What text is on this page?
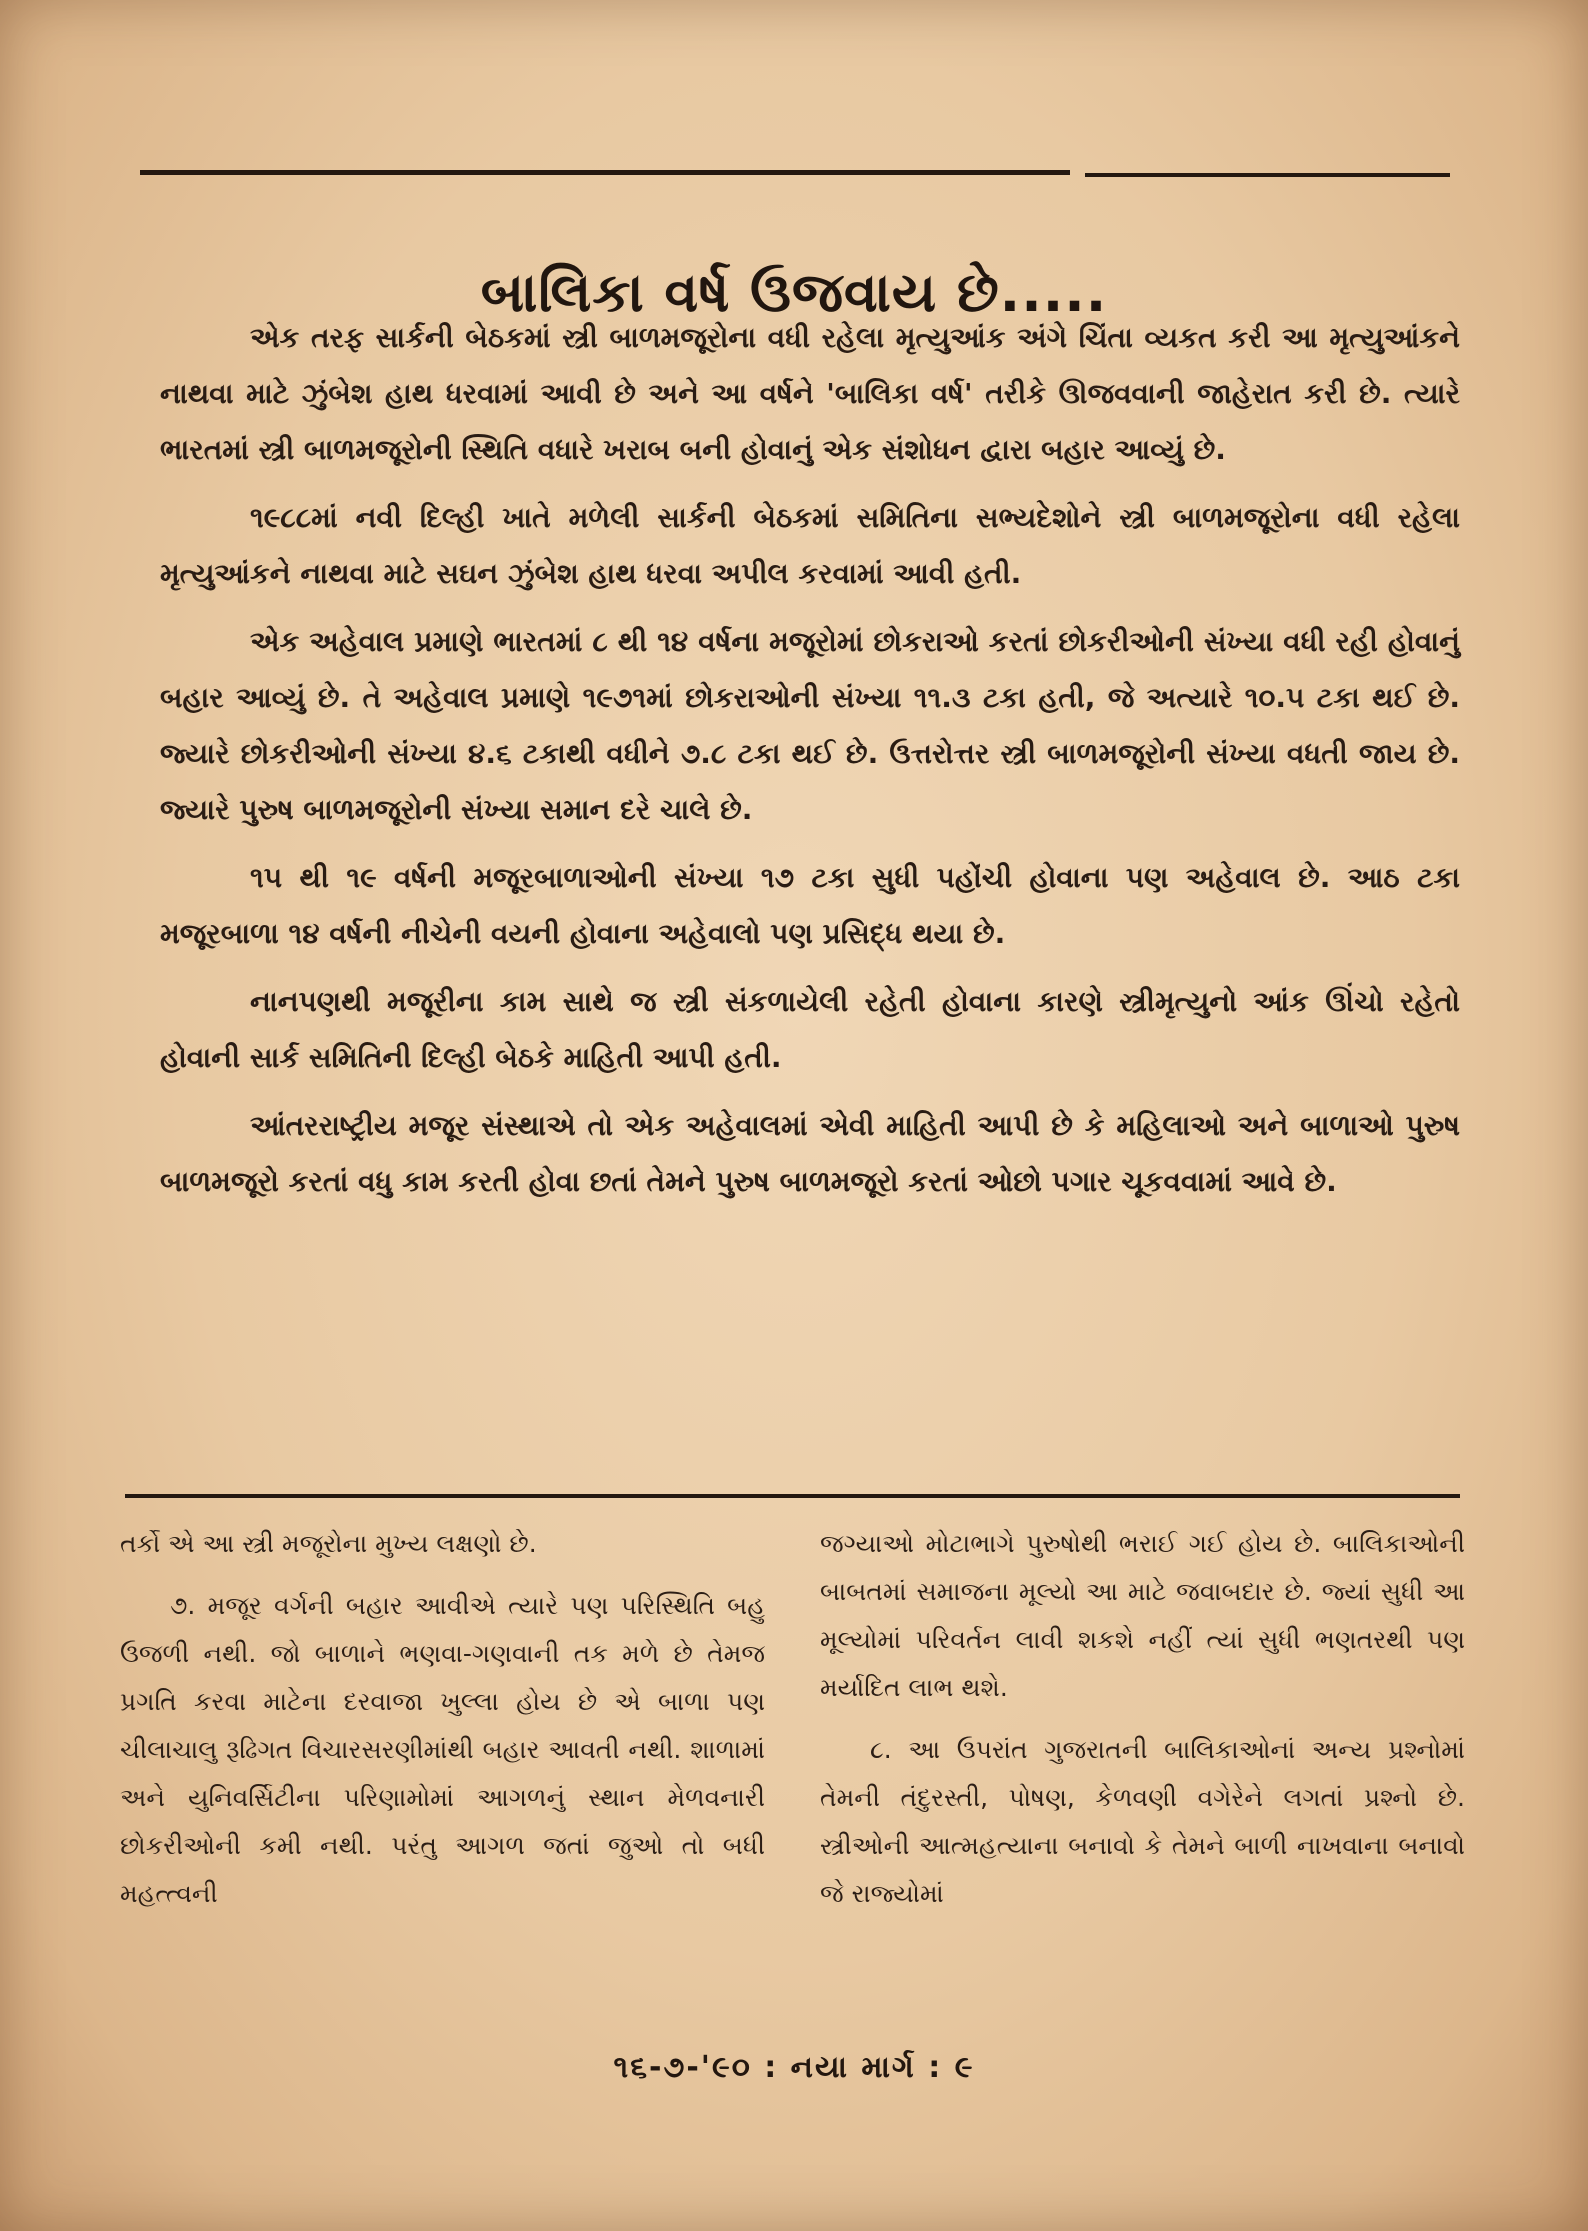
બાલિકા વર્ષ ઉજવાય છે.....

એક તરફ સાર્કની બેઠકમાં સ્ત્રી બાળમજૂરોના વધી રહેલા મૃત્યુઆંક અંગે ચિંતા વ્યકત કરી આ મૃત્યુઆંકને નાથવા માટે ઝુંબેશ હાથ ધરવામાં આવી છે અને આ વર્ષને 'બાલિકા વર્ષ' તરીકે ઊજવવાની જાહેરાત કરી છે. ત્યારે ભારતમાં સ્ત્રી બાળમજૂરોની સ્થિતિ વધારે ખરાબ બની હોવાનું એક સંશોધન દ્વારા બહાર આવ્યું છે.

૧૯૮૮માં નવી દિલ્હી ખાતે મળેલી સાર્કની બેઠકમાં સમિતિના સભ્યદેશોને સ્ત્રી બાળમજૂરોના વધી રહેલા મૃત્યુઆંકને નાથવા માટે સઘન ઝુંબેશ હાથ ધરવા અપીલ કરવામાં આવી હતી.

એક અહેવાલ પ્રમાણે ભારતમાં ૮ થી ૧૪ વર્ષના મજૂરોમાં છોકરાઓ કરતાં છોકરીઓની સંખ્યા વધી રહી હોવાનું બહાર આવ્યું છે. તે અહેવાલ પ્રમાણે ૧૯૭૧માં છોકરાઓની સંખ્યા ૧૧.૩ ટકા હતી, જે અત્યારે ૧૦.૫ ટકા થઈ છે. જ્યારે છોકરીઓની સંખ્યા ૪.૬ ટકાથી વધીને ૭.૮ ટકા થઈ છે. ઉત્તરોત્તર સ્ત્રી બાળમજૂરોની સંખ્યા વધતી જાય છે. જ્યારે પુરુષ બાળમજૂરોની સંખ્યા સમાન દરે ચાલે છે.

૧૫ થી ૧૯ વર્ષની મજૂરબાળાઓની સંખ્યા ૧૭ ટકા સુધી પહોંચી હોવાના પણ અહેવાલ છે. આઠ ટકા મજૂરબાળા ૧૪ વર્ષની નીચેની વયની હોવાના અહેવાલો પણ પ્રસિદ્ધ થયા છે.

નાનપણથી મજૂરીના કામ સાથે જ સ્ત્રી સંકળાયેલી રહેતી હોવાના કારણે સ્ત્રીમૃત્યુનો આંક ઊંચો રહેતો હોવાની સાર્ક સમિતિની દિલ્હી બેઠકે માહિતી આપી હતી.

આંતરરાષ્ટ્રીય મજૂર સંસ્થાએ તો એક અહેવાલમાં એવી માહિતી આપી છે કે મહિલાઓ અને બાળાઓ પુરુષ બાળમજૂરો કરતાં વધુ કામ કરતી હોવા છતાં તેમને પુરુષ બાળમજૂરો કરતાં ઓછો પગાર ચૂકવવામાં આવે છે.

તર્કો એ આ સ્ત્રી મજૂરોના મુખ્ય લક્ષણો છે.

૭. મજૂર વર્ગની બહાર આવીએ ત્યારે પણ પરિસ્થિતિ બહુ ઉજળી નથી. જો બાળાને ભણવા-ગણવાની તક મળે છે તેમજ પ્રગતિ કરવા માટેના દરવાજા ખુલ્લા હોય છે એ બાળા પણ ચીલાચાલુ રૂઢિગત વિચારસરણીમાંથી બહાર આવતી નથી. શાળામાં અને યુનિવર્સિટીના પરિણામોમાં આગળનું સ્થાન મેળવનારી છોકરીઓની કમી નથી. પરંતુ આગળ જતાં જુઓ તો બધી મહત્ત્વની

જગ્યાઓ મોટાભાગે પુરુષોથી ભરાઈ ગઈ હોય છે. બાલિકાઓની બાબતમાં સમાજના મૂલ્યો આ માટે જવાબદાર છે. જ્યાં સુધી આ મૂલ્યોમાં પરિવર્તન લાવી શકશે નહીં ત્યાં સુધી ભણતરથી પણ મર્યાદિત લાભ થશે.

૮. આ ઉપરાંત ગુજરાતની બાલિકાઓનાં અન્ય પ્રશ્નોમાં તેમની તંદુરસ્તી, પોષણ, કેળવણી વગેરેને લગતાં પ્રશ્નો છે. સ્ત્રીઓની આત્મહત્યાના બનાવો કે તેમને બાળી નાખવાના બનાવો જે રાજ્યોમાં

૧૬-૭-'૯૦ : નયા માર્ગ : ૯
